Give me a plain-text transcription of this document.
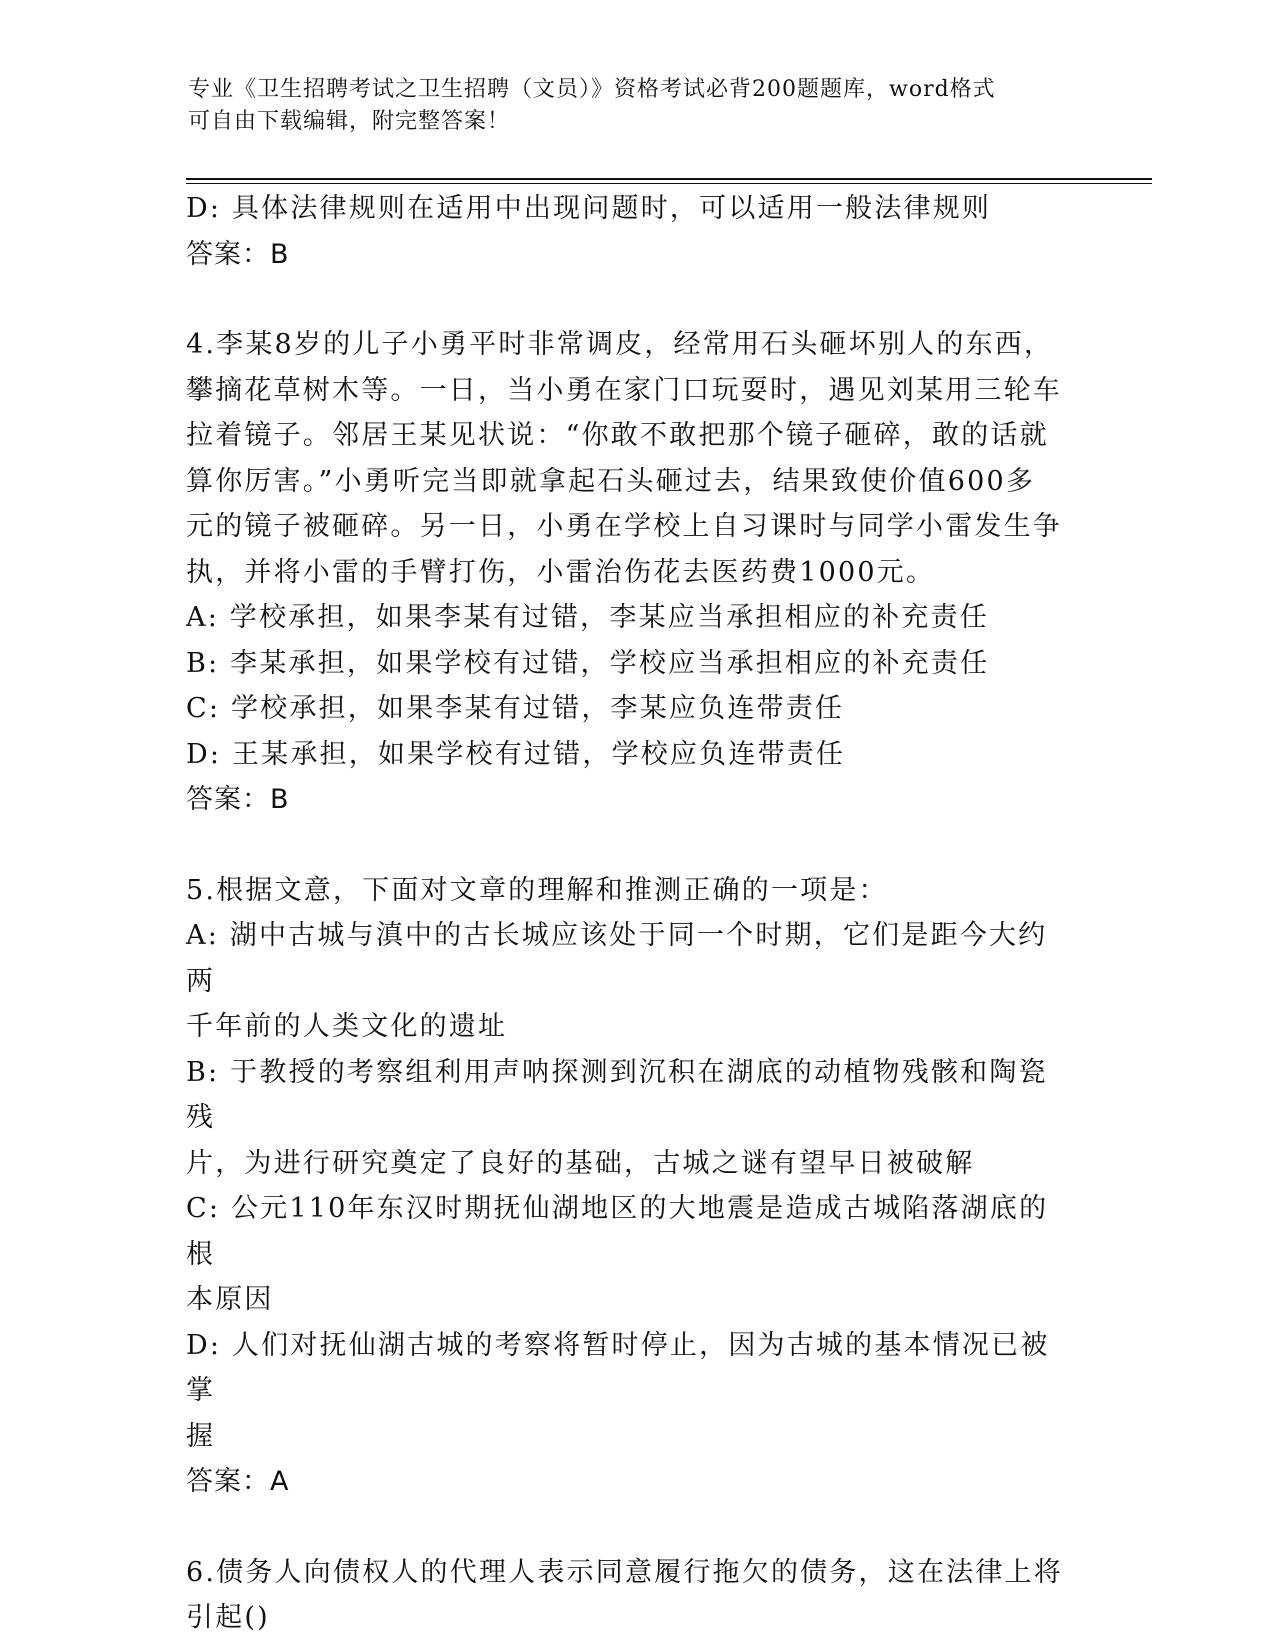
专业《卫生招聘考试之卫生招聘（文员）》资格考试必背200题题库，word格式
可自由下载编辑，附完整答案！
D: 具体法律规则在适用中出现问题时，可以适用一般法律规则
答案：B
4.李某8岁的儿子小勇平时非常调皮，经常用石头砸坏别人的东西，
攀摘花草树木等。一日，当小勇在家门口玩耍时，遇见刘某用三轮车
拉着镜子。邻居王某见状说：“你敢不敢把那个镜子砸碎，敢的话就
算你厉害。”小勇听完当即就拿起石头砸过去，结果致使价值600多
元的镜子被砸碎。另一日，小勇在学校上自习课时与同学小雷发生争
执，并将小雷的手臂打伤，小雷治伤花去医药费1000元。
A: 学校承担，如果李某有过错，李某应当承担相应的补充责任
B: 李某承担，如果学校有过错，学校应当承担相应的补充责任
C: 学校承担，如果李某有过错，李某应负连带责任
D: 王某承担，如果学校有过错，学校应负连带责任
答案：B
5.根据文意，下面对文章的理解和推测正确的一项是：
A: 湖中古城与滇中的古长城应该处于同一个时期，它们是距今大约两
千年前的人类文化的遗址
B: 于教授的考察组利用声呐探测到沉积在湖底的动植物残骸和陶瓷残
片，为进行研究奠定了良好的基础，古城之谜有望早日被破解
C: 公元110年东汉时期抚仙湖地区的大地震是造成古城陷落湖底的根
本原因
D: 人们对抚仙湖古城的考察将暂时停止，因为古城的基本情况已被掌
握
答案：A
6.债务人向债权人的代理人表示同意履行拖欠的债务，这在法律上将
引起()
